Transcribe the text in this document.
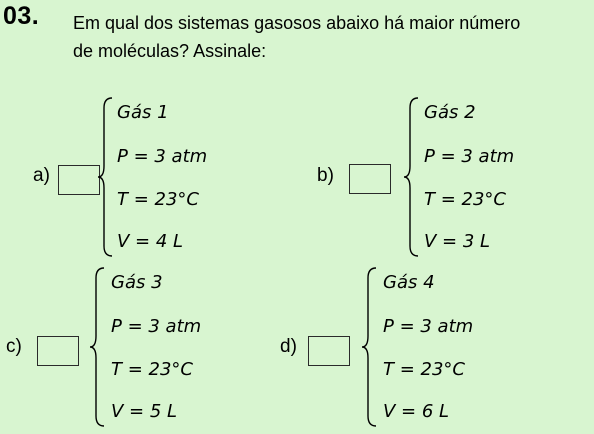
03. Em qual dos sistemas gasosos abaixo há maior número
de moléculas? Assinale:
a)
Gás 1
P = 3 atm
T = 23°C
V = 4 L
b)
Gás 2
P = 3 atm
T = 23°C
V = 3 L
c)
Gás 3
P = 3 atm
T = 23°C
V = 5 L
d)
Gás 4
P = 3 atm
T = 23°C
V = 6 L
